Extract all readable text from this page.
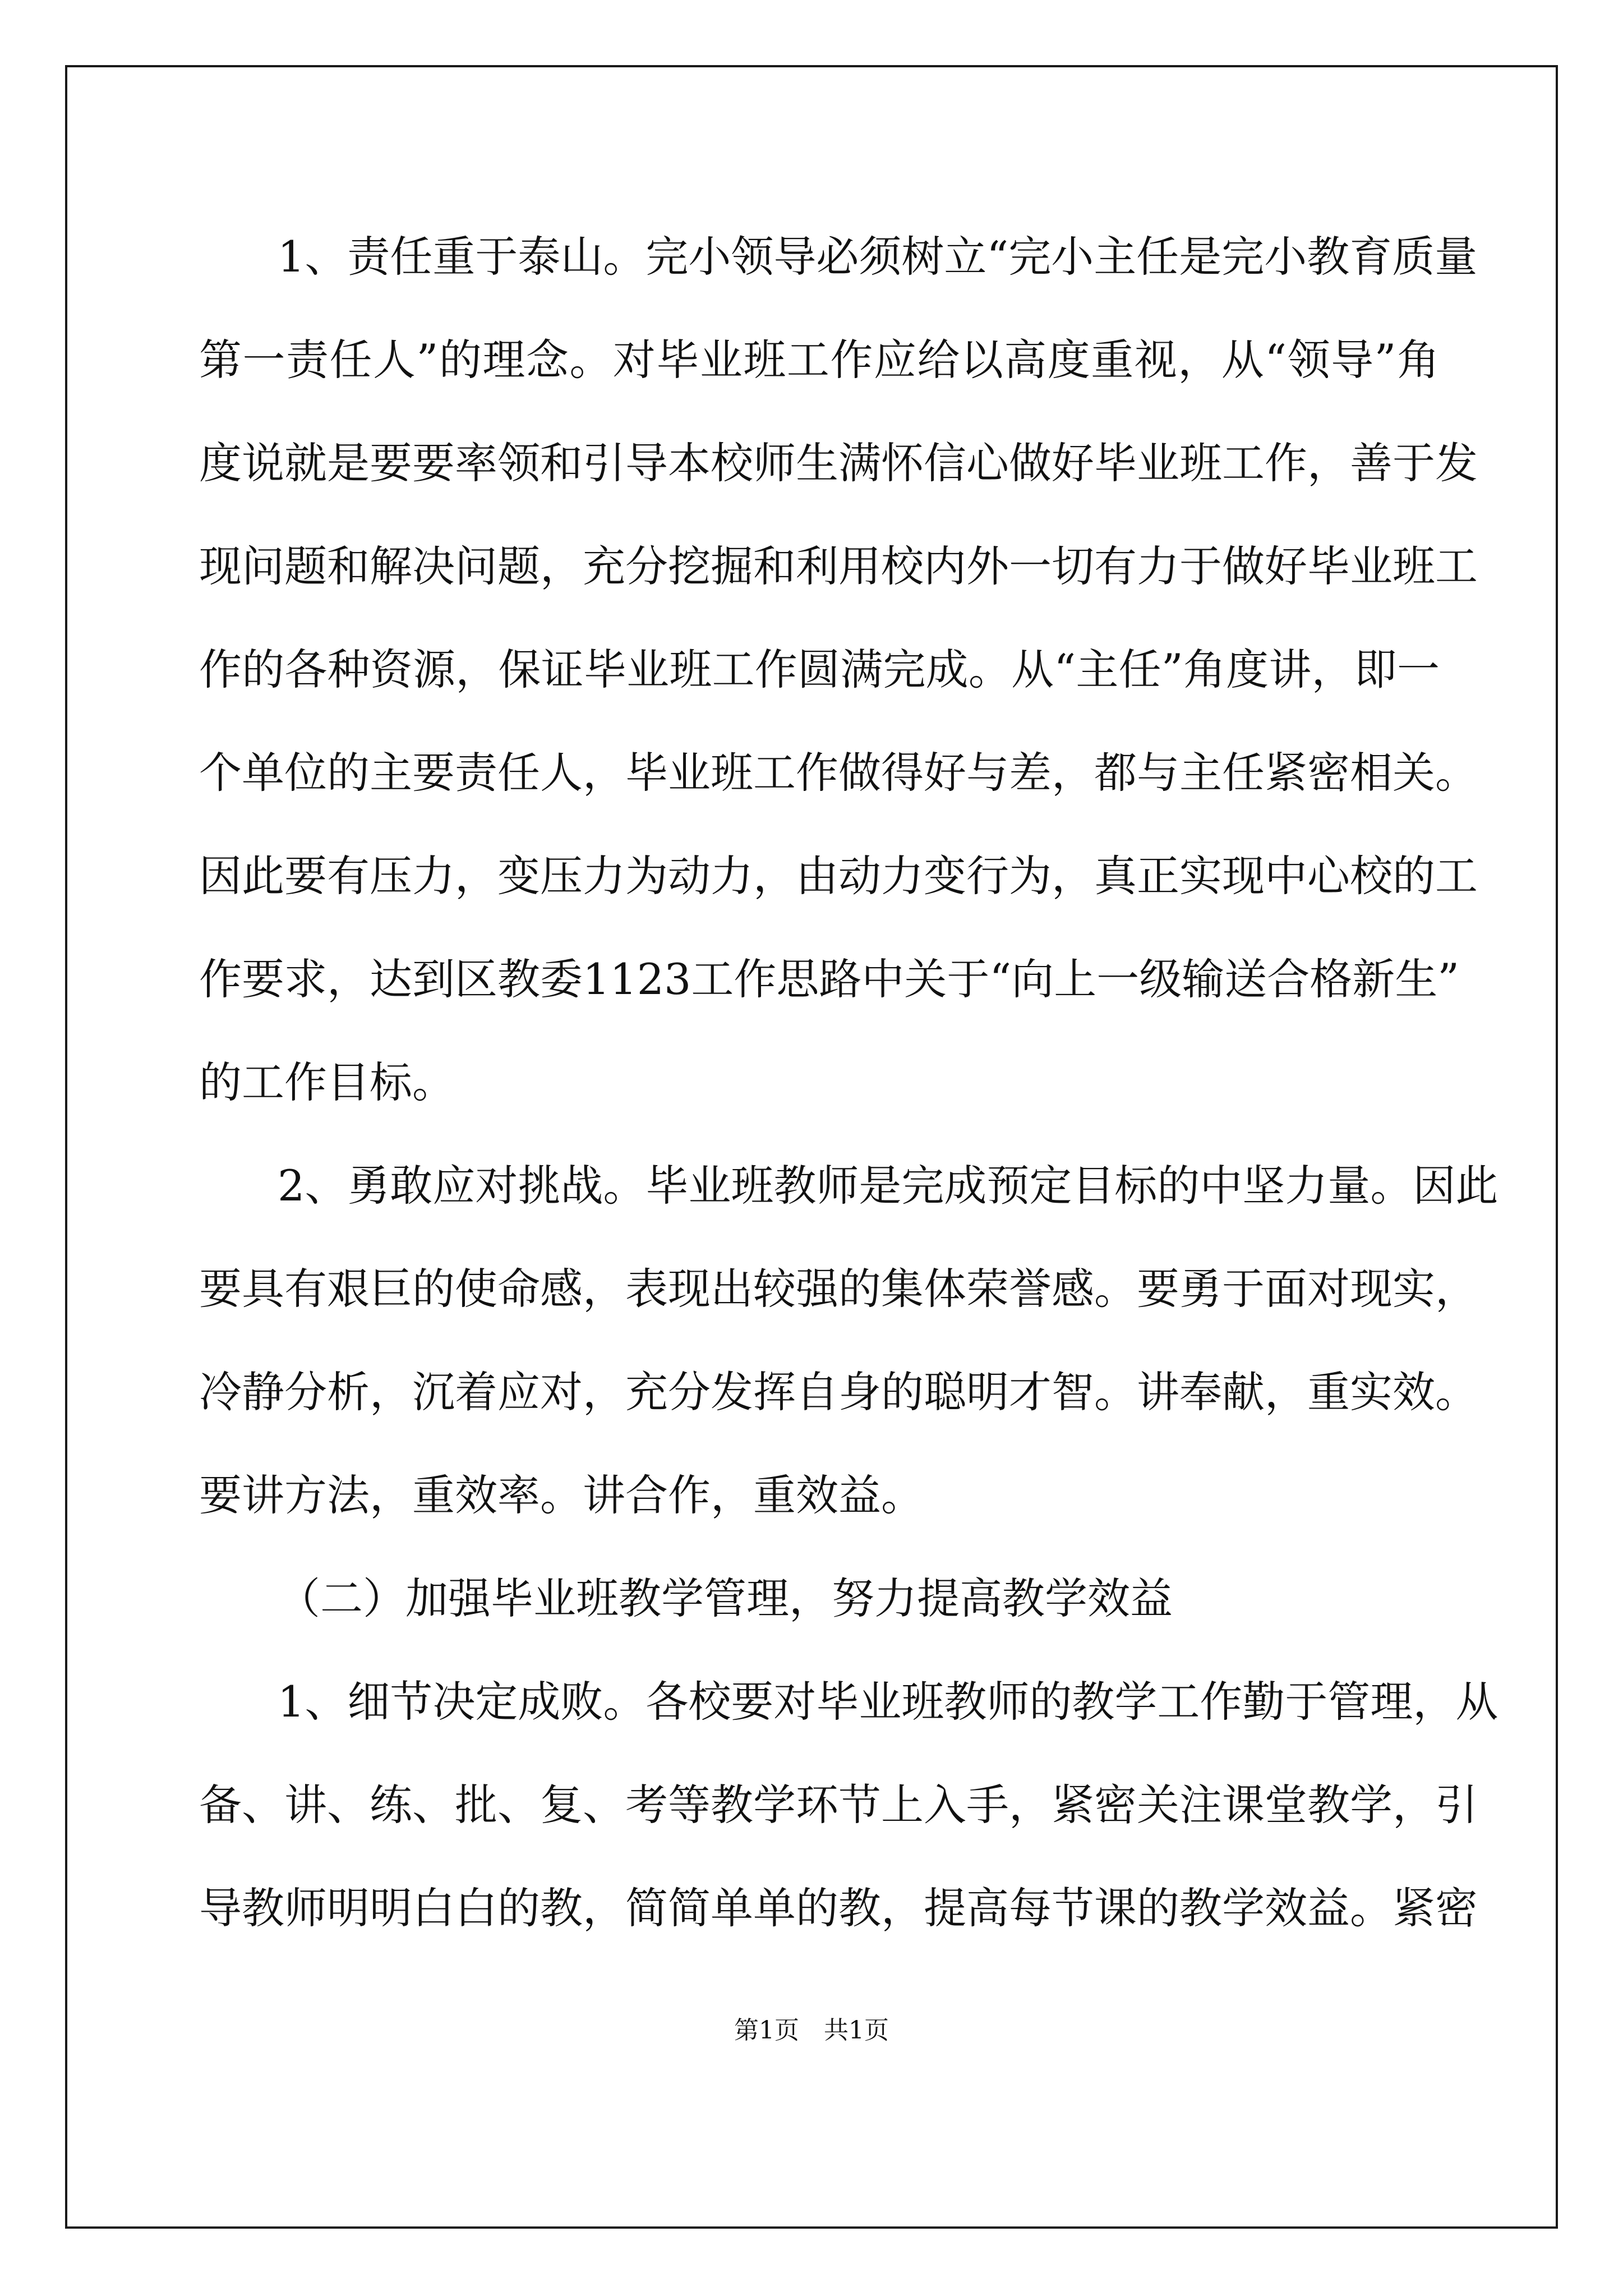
1、责任重于泰山。完小领导必须树立“完小主任是完小教育质量
第一责任人”的理念。对毕业班工作应给以高度重视，从“领导”角
度说就是要要率领和引导本校师生满怀信心做好毕业班工作，善于发
现问题和解决问题，充分挖掘和利用校内外一切有力于做好毕业班工
作的各种资源，保证毕业班工作圆满完成。从“主任”角度讲，即一
个单位的主要责任人，毕业班工作做得好与差，都与主任紧密相关。
因此要有压力，变压力为动力，由动力变行为，真正实现中心校的工
作要求，达到区教委1123工作思路中关于“向上一级输送合格新生”
的工作目标。
2、勇敢应对挑战。毕业班教师是完成预定目标的中坚力量。因此
要具有艰巨的使命感，表现出较强的集体荣誉感。要勇于面对现实，
冷静分析，沉着应对，充分发挥自身的聪明才智。讲奉献，重实效。
要讲方法，重效率。讲合作，重效益。
（二）加强毕业班教学管理，努力提高教学效益
1、细节决定成败。各校要对毕业班教师的教学工作勤于管理，从
备、讲、练、批、复、考等教学环节上入手，紧密关注课堂教学，引
导教师明明白白的教，简简单单的教，提高每节课的教学效益。紧密
第1页　共1页
